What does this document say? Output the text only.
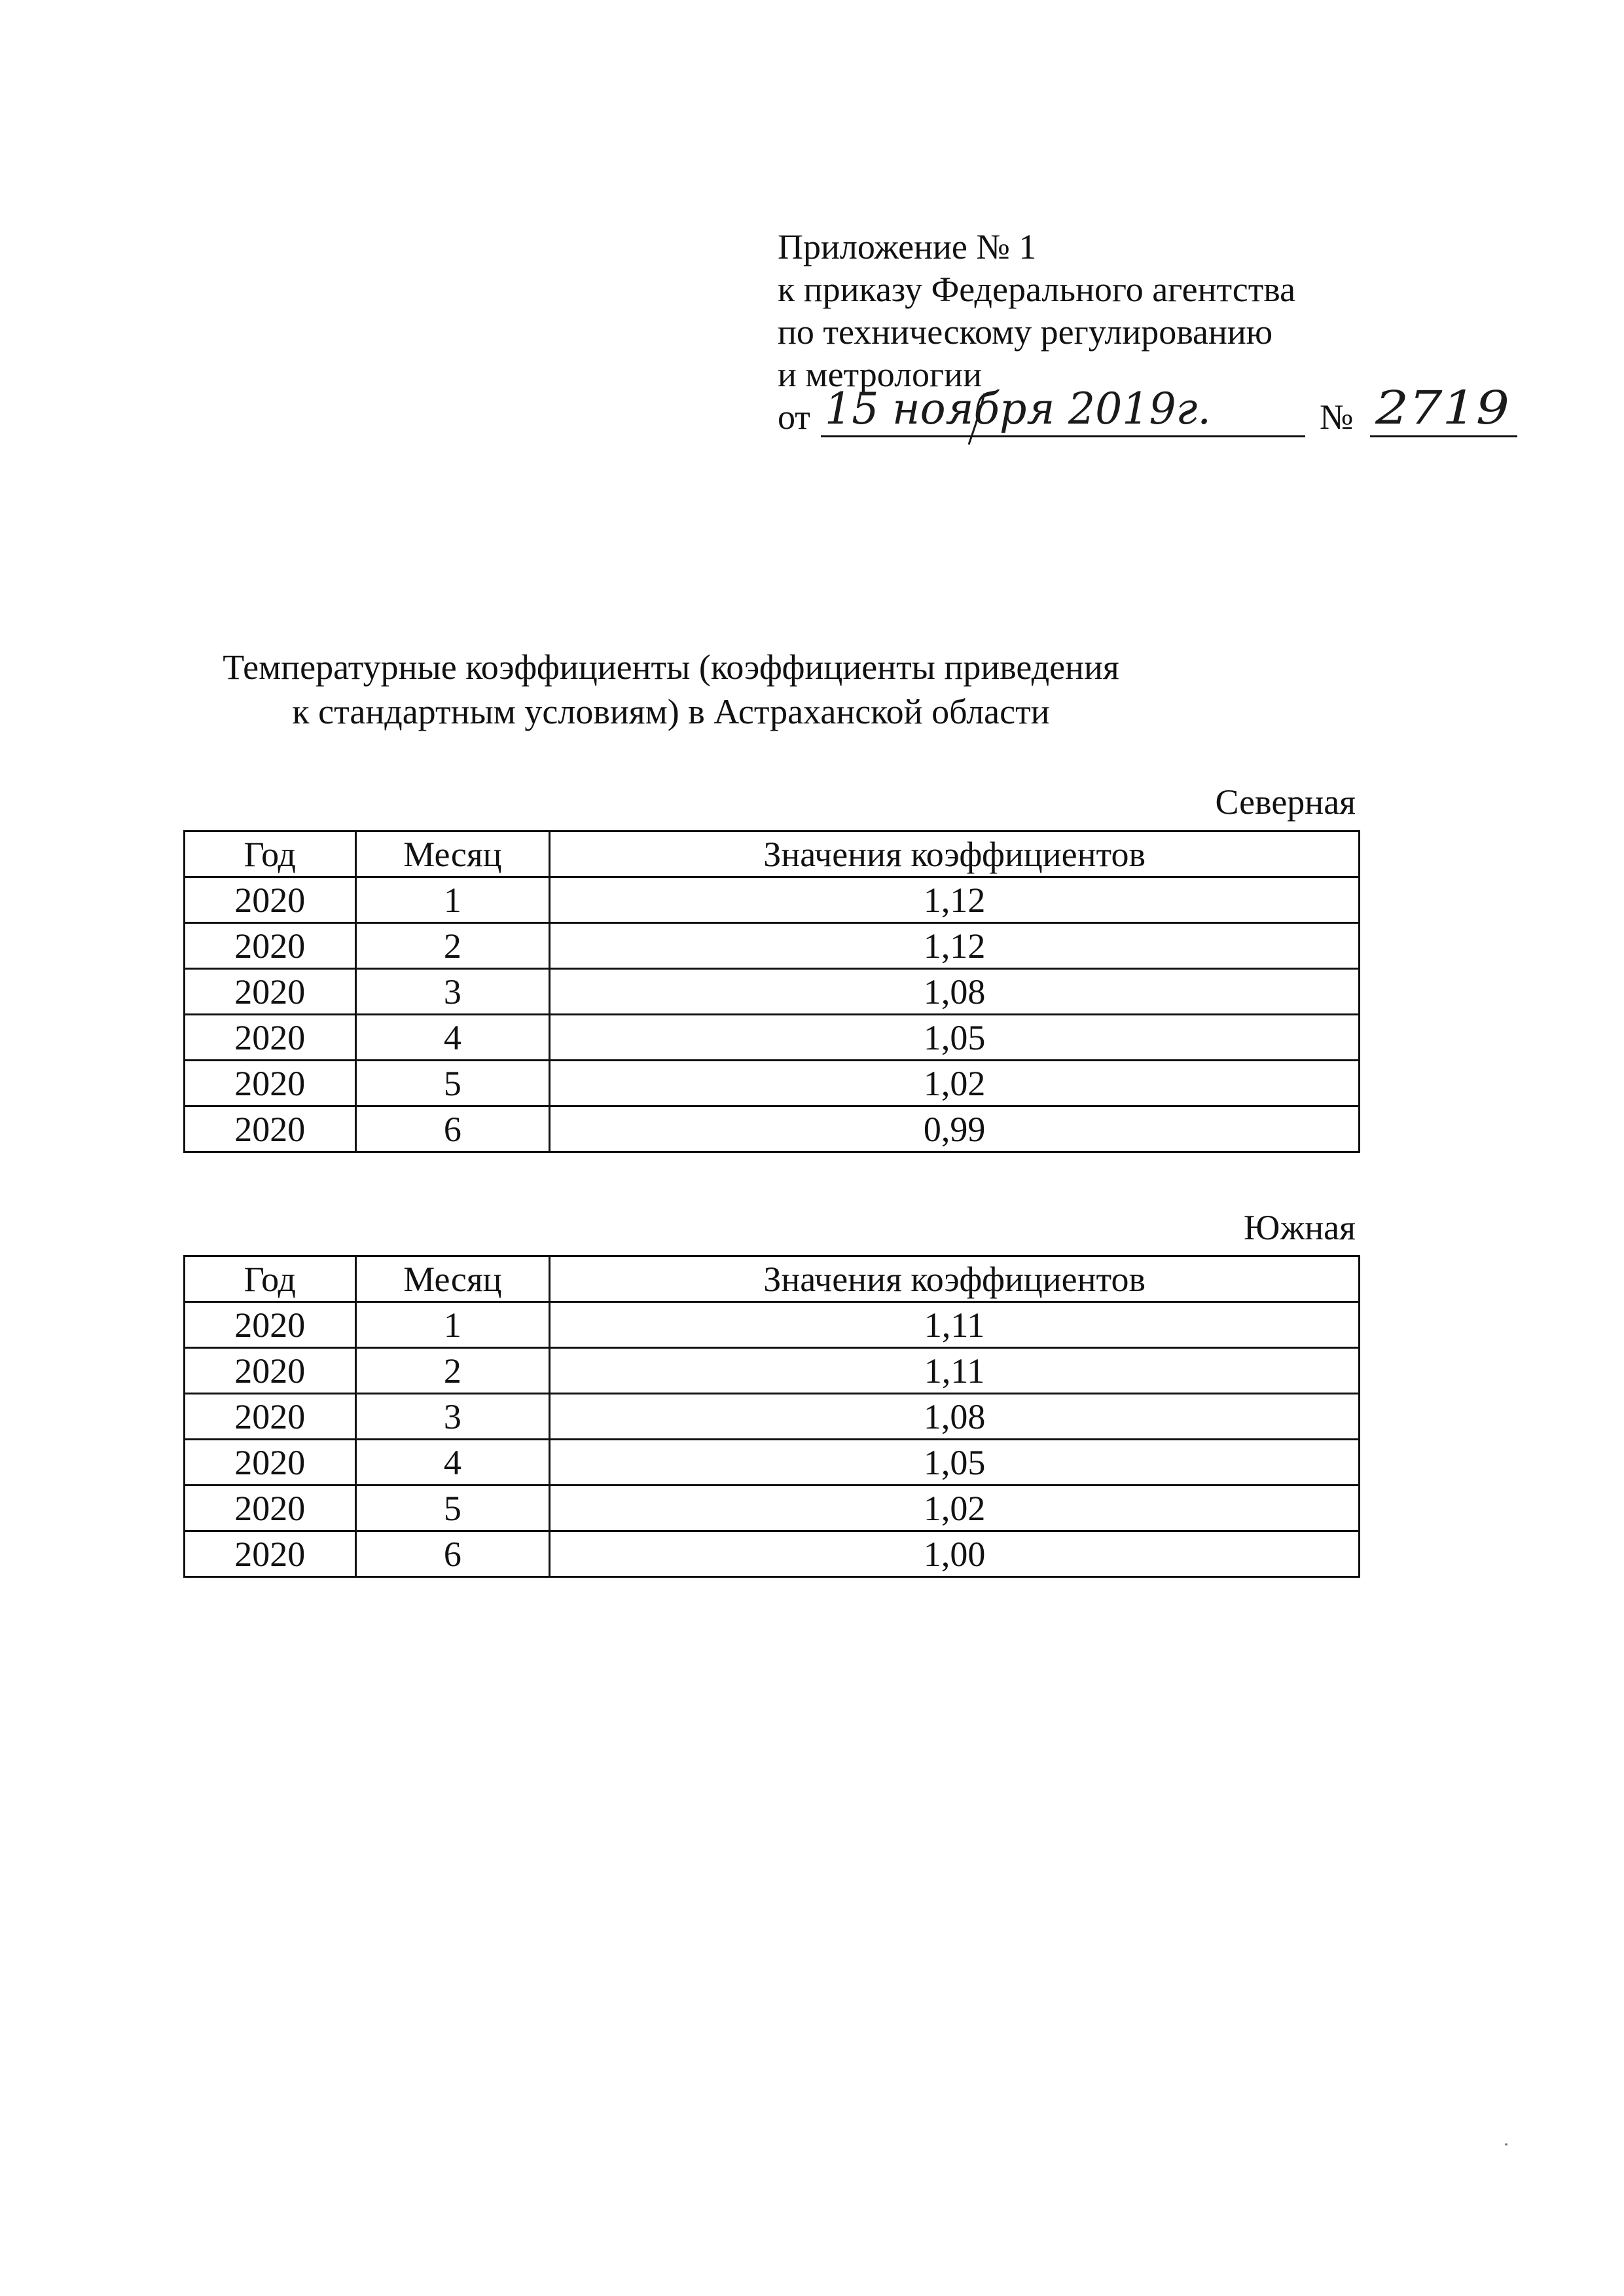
Приложение № 1
к приказу Федерального агентства
по техническому регулированию
и метрологии
от 15 ноября 2019г.	№ 2719
Температурные коэффициенты (коэффициенты приведения
к стандартным условиям) в Астраханской области
Северная
Год	Месяц	Значения коэффициентов
2020	1	1,12
2020	2	1,12
2020	3	1,08
2020	4	1,05
2020	5	1,02
2020	6	0,99
Южная
Год	Месяц	Значения коэффициентов
2020	1	1,11
2020	2	1,11
2020	3	1,08
2020	4	1,05
2020	5	1,02
2020	6	1,00
